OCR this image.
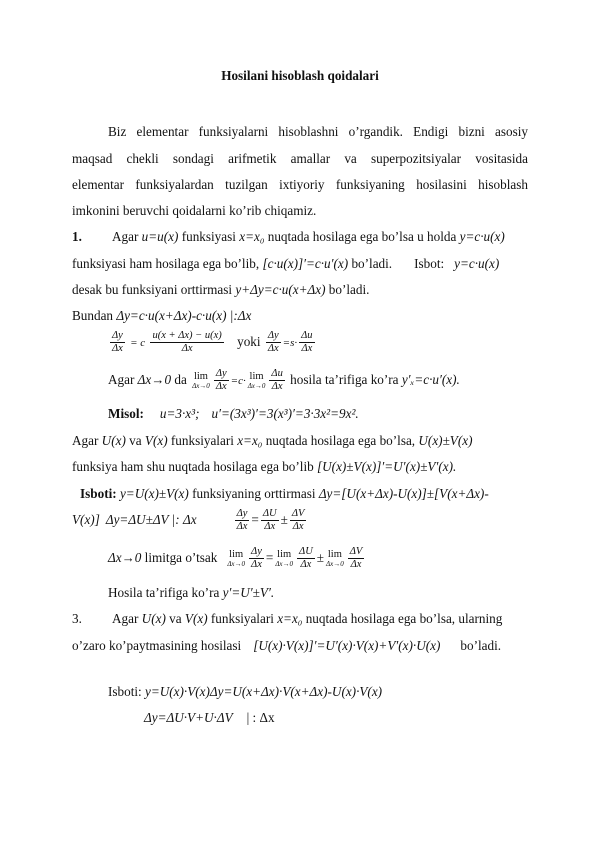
Hosilani hisoblash qoidalari
Biz elementar funksiyalarni hisoblashni o’rgandik. Endigi bizni asosiy
maqsad chekli sondagi arifmetik amallar va superpozitsiyalar vositasida
elementar funksiyalardan tuzilgan ixtiyoriy funksiyaning hosilasini hisoblash
imkonini beruvchi qoidalarni ko’rib chiqamiz.
1. Agar u=u(x) funksiyasi x=x₀ nuqtada hosilaga ega bo’lsa u holda y=c·u(x)
funksiyasi ham hosilaga ega bo’lib, [c·u(x)]′=c·u′(x) bo’ladi. Isbot: y=c·u(x)
desak bu funksiyani orttirmasi y+Δy=c·u(x+Δx) bo’ladi.
Bundan Δy=c·u(x+Δx)-c·u(x) |:Δx
$\frac{\Delta y}{\Delta x} = c \frac{u(x + \Delta x) - u(x)}{\Delta x}$ yoki $\frac{\Delta y}{\Delta x} =s\cdot \frac{\Delta u}{\Delta x}$
Agar Δx→0 da lim
$\Delta x\to 0 \frac{\Delta y}{\Delta x} =c\cdot \lim$
$\Delta x\to 0 \frac{\Delta u}{\Delta x}$ hosila ta’rifiga ko’ra y′ₓ=c·u′(x).
Misol: u=3·x³; u′=(3x³)′=3(x³)′=3·3x²=9x².
Agar U(x) va V(x) funksiyalari x=x₀ nuqtada hosilaga ega bo’lsa, U(x)±V(x)
funksiya ham shu nuqtada hosilaga ega bo’lib [U(x)±V(x)]′=U′(x)±V′(x).
Isboti: y=U(x)±V(x) funksiyaning orttirmasi Δy=[U(x+Δx)-U(x)]±[V(x+Δx)-
V(x)] Δy=ΔU±ΔV |: Δx	$\frac{\Delta y}{\Delta x} = \frac{\Delta U}{\Delta x} \pm \frac{\Delta V}{\Delta x}$
Δx→0 limitga o’tsak lim
$\Delta x\to 0 \frac{\Delta y}{\Delta x} = \lim$
$\Delta x\to 0 \frac{\Delta U}{\Delta x} \pm \lim$
$\Delta x\to 0 \frac{\Delta V}{\Delta x}$
Hosila ta’rifiga ko’ra y′=U′±V′.
3. Agar U(x) va V(x) funksiyalari x=x₀ nuqtada hosilaga ega bo’lsa, ularning
o’zaro ko’paytmasining hosilasi [U(x)·V(x)]′=U′(x)·V(x)+V′(x)·U(x) bo’ladi.
Isboti: y=U(x)·V(x)Δy=U(x+Δx)·V(x+Δx)-U(x)·V(x)
Δy=ΔU·V+U·ΔV | : Δx
